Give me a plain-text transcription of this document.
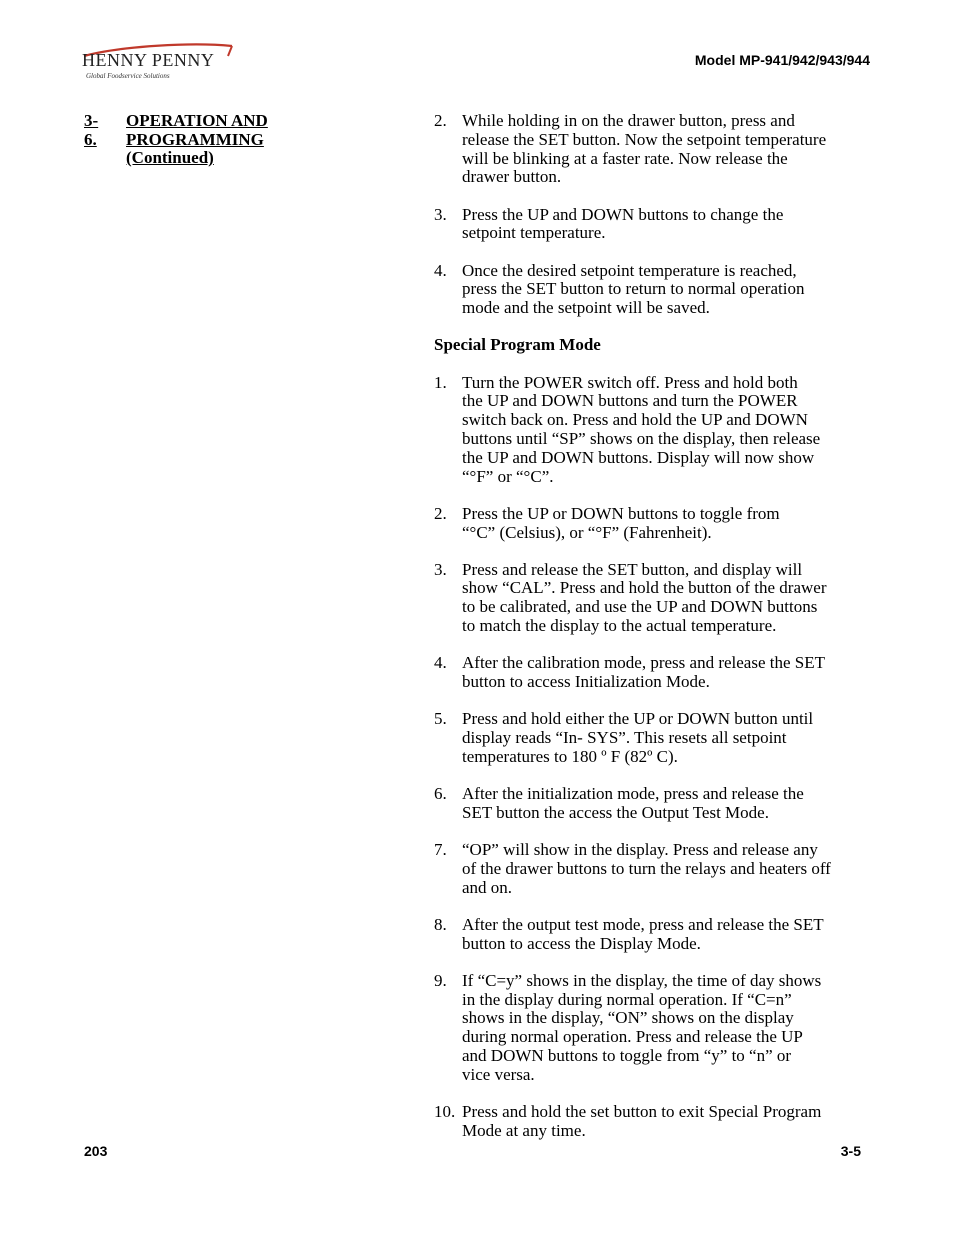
HENNY PENNY
Global Foodservice Solutions
Model MP-941/942/943/944
3-6.
OPERATION AND
PROGRAMMING
(Continued)
2. While holding in on the drawer button, press and
release the SET button. Now the setpoint temperature
will be blinking at a faster rate. Now release the
drawer button.
3. Press the UP and DOWN buttons to change the
setpoint temperature.
4. Once the desired setpoint temperature is reached,
press the SET button to return to normal operation
mode and the setpoint will be saved.
Special Program Mode
1. Turn the POWER switch off. Press and hold both
the UP and DOWN buttons and turn the POWER
switch back on. Press and hold the UP and DOWN
buttons until “SP” shows on the display, then release
the UP and DOWN buttons. Display will now show
“°F” or “°C”.
2. Press the UP or DOWN buttons to toggle from
“°C” (Celsius), or “°F” (Fahrenheit).
3. Press and release the SET button, and display will
show “CAL”. Press and hold the button of the drawer
to be calibrated, and use the UP and DOWN buttons
to match the display to the actual temperature.
4. After the calibration mode, press and release the SET
button to access Initialization Mode.
5. Press and hold either the UP or DOWN button until
display reads “In- SYS”. This resets all setpoint
temperatures to 180 º F (82º C).
6. After the initialization mode, press and release the
SET button the access the Output Test Mode.
7. “OP” will show in the display. Press and release any
of the drawer buttons to turn the relays and heaters off
and on.
8. After the output test mode, press and release the SET
button to access the Display Mode.
9. If “C=y” shows in the display, the time of day shows
in the display during normal operation. If “C=n”
shows in the display, “ON” shows on the display
during normal operation. Press and release the UP
and DOWN buttons to toggle from “y” to “n” or
vice versa.
10. Press and hold the set button to exit Special Program
Mode at any time.
203	3-5
